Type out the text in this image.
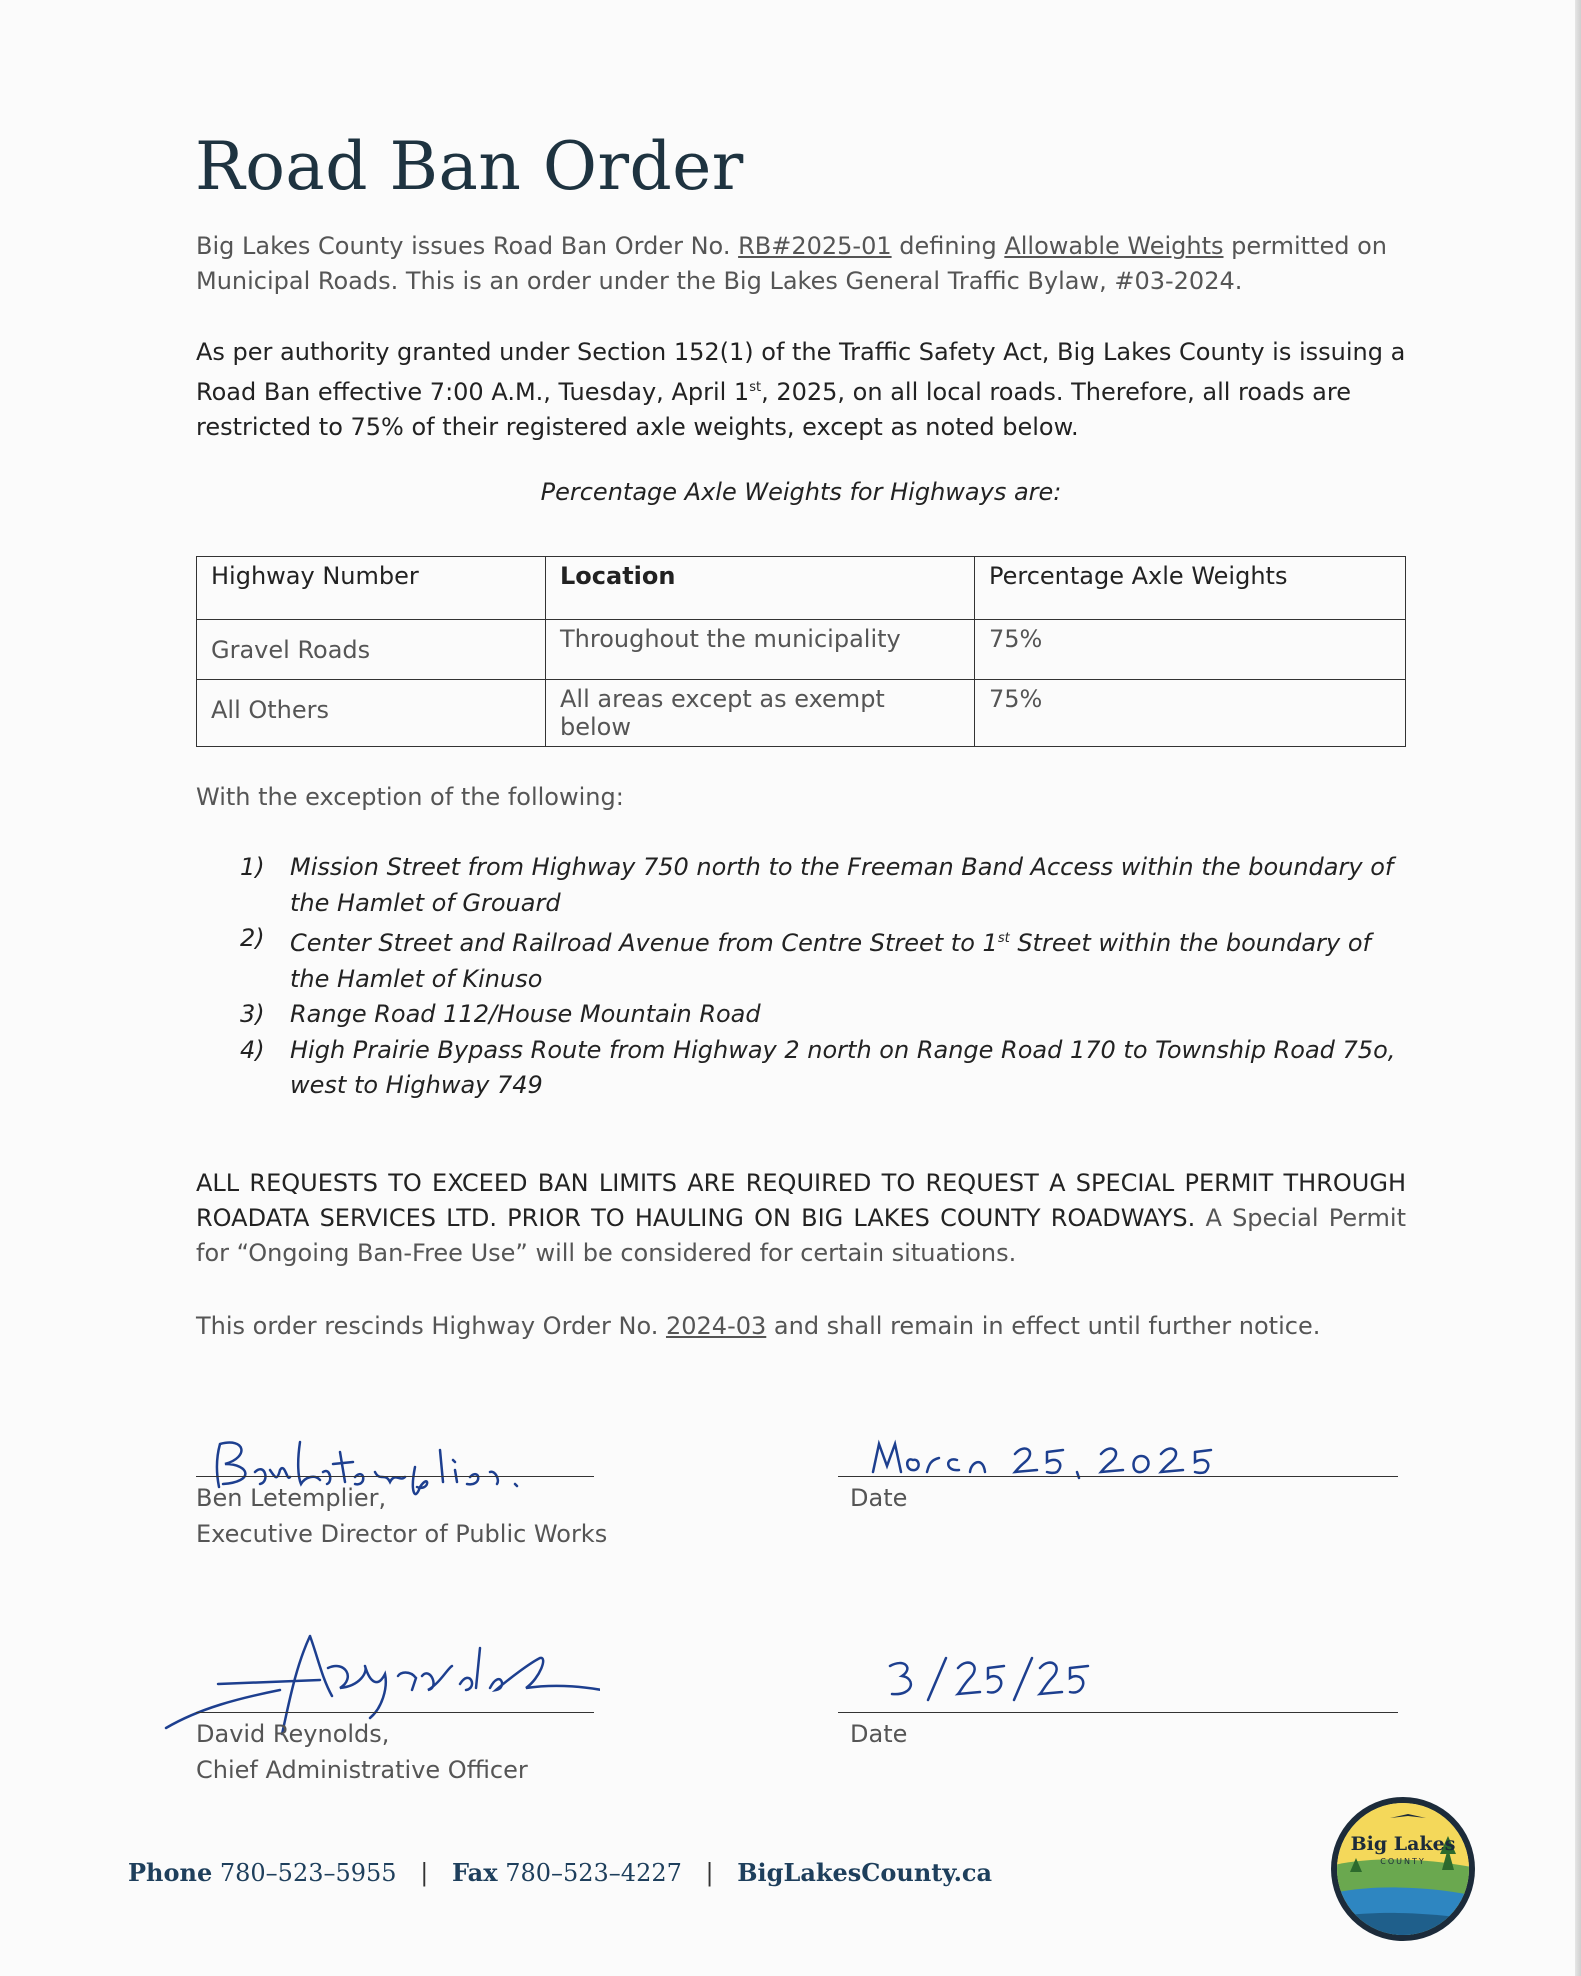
Road Ban Order
Big Lakes County issues Road Ban Order No. RB#2025-01 defining Allowable Weights permitted on Municipal Roads. This is an order under the Big Lakes General Traffic Bylaw, #03-2024.
As per authority granted under Section 152(1) of the Traffic Safety Act, Big Lakes County is issuing a Road Ban effective 7:00 A.M., Tuesday, April 1st, 2025, on all local roads. Therefore, all roads are restricted to 75% of their registered axle weights, except as noted below.
Percentage Axle Weights for Highways are:
Highway Number	Location	Percentage Axle Weights
Gravel Roads	Throughout the municipality	75%
All Others	All areas except as exempt below	75%
With the exception of the following:
1)	Mission Street from Highway 750 north to the Freeman Band Access within the boundary of the Hamlet of Grouard
2)	Center Street and Railroad Avenue from Centre Street to 1st Street within the boundary of the Hamlet of Kinuso
3)	Range Road 112/House Mountain Road
4)	High Prairie Bypass Route from Highway 2 north on Range Road 170 to Township Road 75o, west to Highway 749
ALL REQUESTS TO EXCEED BAN LIMITS ARE REQUIRED TO REQUEST A SPECIAL PERMIT THROUGH ROADATA SERVICES LTD. PRIOR TO HAULING ON BIG LAKES COUNTY ROADWAYS. A Special Permit for “Ongoing Ban-Free Use” will be considered for certain situations.
This order rescinds Highway Order No. 2024-03 and shall remain in effect until further notice.
Ben Letemplier,
Executive Director of Public Works
Date
David Reynolds,
Chief Administrative Officer
Date
Phone 780–523–5955 | Fax 780–523–4227 | BigLakesCounty.ca
Big Lakes
COUNTY
